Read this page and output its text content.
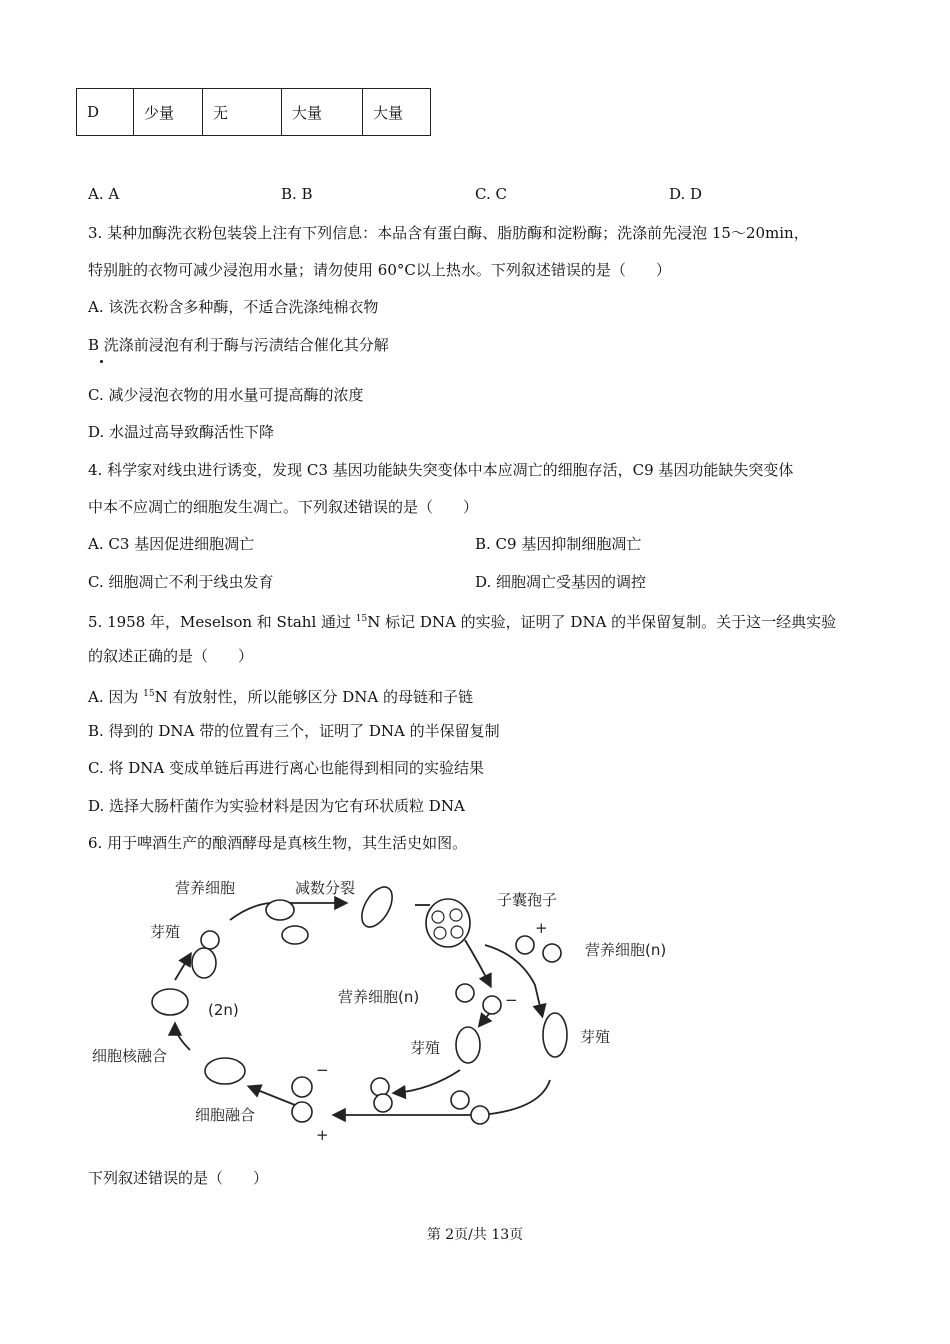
D	少量	无	大量	大量
A. A	B. B	C. C	D. D
3. 某种加酶洗衣粉包装袋上注有下列信息：本品含有蛋白酶、脂肪酶和淀粉酶；洗涤前先浸泡 15～20min，
特别脏的衣物可减少浸泡用水量；请勿使用 60°C以上热水。下列叙述错误的是（　　）
A. 该洗衣粉含多种酶，不适合洗涤纯棉衣物
B 洗涤前浸泡有利于酶与污渍结合催化其分解
C. 减少浸泡衣物的用水量可提高酶的浓度
D. 水温过高导致酶活性下降
4. 科学家对线虫进行诱变，发现 C3 基因功能缺失突变体中本应凋亡的细胞存活，C9 基因功能缺失突变体
中本不应凋亡的细胞发生凋亡。下列叙述错误的是（　　）
A. C3 基因促进细胞凋亡	B. C9 基因抑制细胞凋亡
C. 细胞凋亡不利于线虫发育	D. 细胞凋亡受基因的调控
5. 1958 年，Meselson 和 Stahl 通过 $^{15}$N 标记 DNA 的实验，证明了 DNA 的半保留复制。关于这一经典实验
的叙述正确的是（　　）
A. 因为 $^{15}$N 有放射性，所以能够区分 DNA 的母链和子链
B. 得到的 DNA 带的位置有三个，证明了 DNA 的半保留复制
C. 将 DNA 变成单链后再进行离心也能得到相同的实验结果
D. 选择大肠杆菌作为实验材料是因为它有环状质粒 DNA
6. 用于啤酒生产的酿酒酵母是真核生物，其生活史如图。
营养细胞	减数分裂
子囊孢子
芽殖
营养细胞(n)
(2n)
营养细胞(n)
芽殖
芽殖
细胞核融合
细胞融合
+
−
−
+
下列叙述错误的是（　　）
第 2页/共 13页
